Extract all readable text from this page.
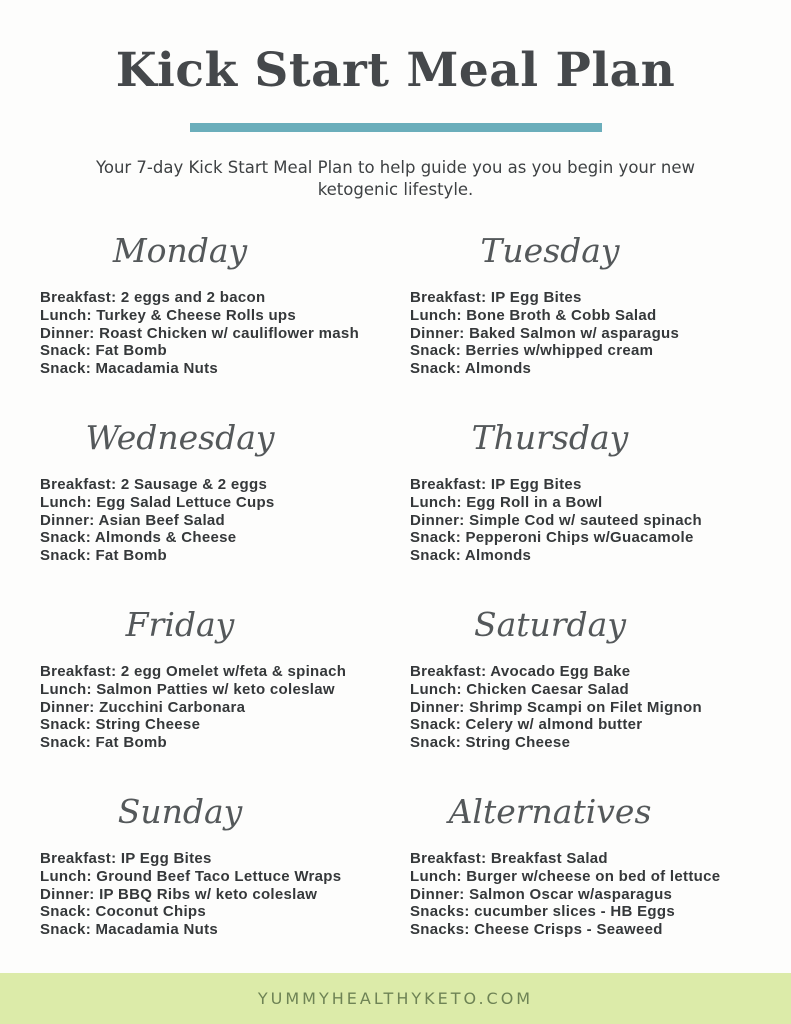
Kick Start Meal Plan

Your 7-day Kick Start Meal Plan to help guide you as you begin your new ketogenic lifestyle.

Monday
Breakfast: 2 eggs and 2 bacon
Lunch: Turkey & Cheese Rolls ups
Dinner: Roast Chicken w/ cauliflower mash
Snack: Fat Bomb
Snack: Macadamia Nuts
Tuesday
Breakfast: IP Egg Bites
Lunch: Bone Broth & Cobb Salad
Dinner: Baked Salmon w/ asparagus
Snack: Berries w/whipped cream
Snack: Almonds
Wednesday
Breakfast: 2 Sausage & 2 eggs
Lunch: Egg Salad Lettuce Cups
Dinner: Asian Beef Salad
Snack: Almonds & Cheese
Snack: Fat Bomb
Thursday
Breakfast: IP Egg Bites
Lunch: Egg Roll in a Bowl
Dinner: Simple Cod w/ sauteed spinach
Snack: Pepperoni Chips w/Guacamole
Snack: Almonds
Friday
Breakfast: 2 egg Omelet w/feta & spinach
Lunch: Salmon Patties w/ keto coleslaw
Dinner: Zucchini Carbonara
Snack: String Cheese
Snack: Fat Bomb
Saturday
Breakfast: Avocado Egg Bake
Lunch: Chicken Caesar Salad
Dinner: Shrimp Scampi on Filet Mignon
Snack: Celery w/ almond butter
Snack: String Cheese
Sunday
Breakfast: IP Egg Bites
Lunch: Ground Beef Taco Lettuce Wraps
Dinner: IP BBQ Ribs w/ keto coleslaw
Snack: Coconut Chips
Snack: Macadamia Nuts
Alternatives
Breakfast: Breakfast Salad
Lunch: Burger w/cheese on bed of lettuce
Dinner: Salmon Oscar w/asparagus
Snacks: cucumber slices - HB Eggs
Snacks: Cheese Crisps - Seaweed
YUMMYHEALTHYKETO.COM
